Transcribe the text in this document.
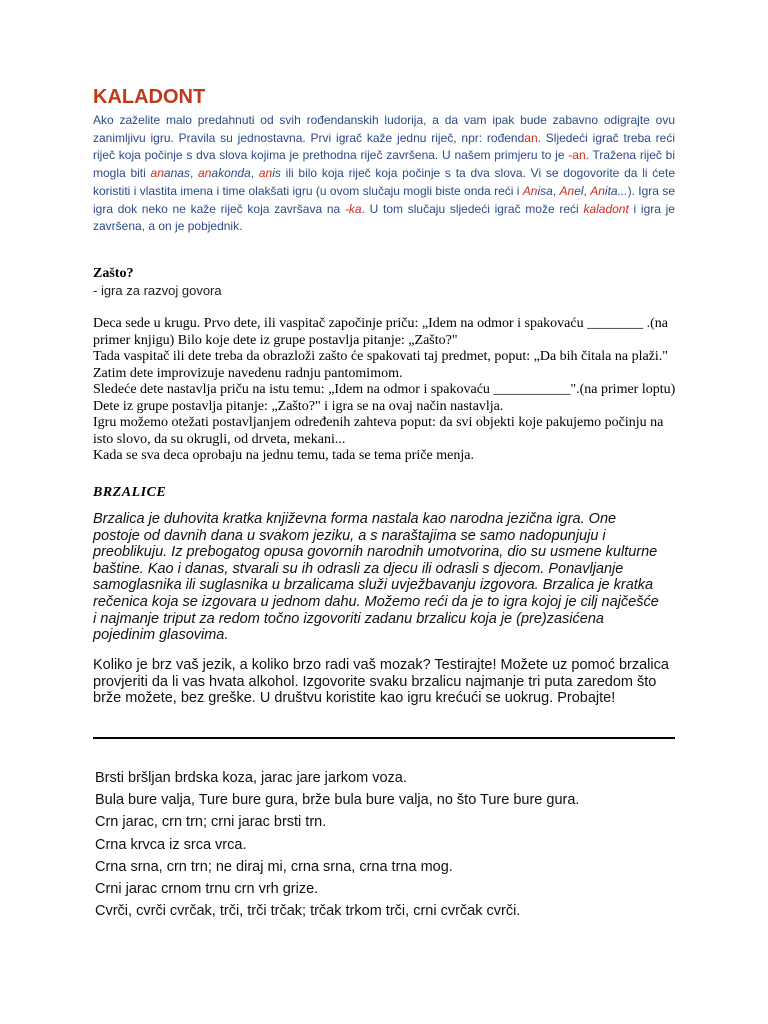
KALADONT

Ako zaželite malo predahnuti od svih rođendanskih ludorija, a da vam ipak bude zabavno odigrajte ovu zanimljivu igru. Pravila su jednostavna. Prvi igrač kaže jednu riječ, npr: rođendan. Sljedeći igrač treba reći riječ koja počinje s dva slova kojima je prethodna riječ završena. U našem primjeru to je -an. Tražena riječ bi mogla biti ananas, anakonda, anis ili bilo koja riječ koja počinje s ta dva slova. Vi se dogovorite da li ćete koristiti i vlastita imena i time olakšati igru (u ovom slučaju mogli biste onda reći i Anisa, Anel, Anita...). Igra se igra dok neko ne kaže riječ koja završava na -ka. U tom slučaju sljedeći igrač može reći kaladont i igra je završena, a on je pobjednik.

Zašto?
- igra za razvoj govora

Deca sede u krugu. Prvo dete, ili vaspitač započinje priču: „Idem na odmor i spakovaću ________ .(na primer knjigu) Bilo koje dete iz grupe postavlja pitanje: „Zašto?"

Tada vaspitač ili dete treba da obrazloži zašto će spakovati taj predmet, poput: „Da bih čitala na plaži." Zatim dete improvizuje navedenu radnju pantomimom.

Sledeće dete nastavlja priču na istu temu: „Idem na odmor i spakovaću ___________".(na primer loptu) Dete iz grupe postavlja pitanje: „Zašto?" i igra se na ovaj način nastavlja.

Igru možemo otežati postavljanjem određenih zahteva poput: da svi objekti koje pakujemo počinju na isto slovo, da su okrugli, od drveta, mekani...

Kada se sva deca oprobaju na jednu temu, tada se tema priče menja.

BRZALICE

Brzalica je duhovita kratka književna forma nastala kao narodna jezična igra. One postoje od davnih dana u svakom jeziku, a s naraštajima se samo nadopunjuju i preoblikuju. Iz prebogatog opusa govornih narodnih umotvorina, dio su usmene kulturne baštine. Kao i danas, stvarali su ih odrasli za djecu ili odrasli s djecom. Ponavljanje samoglasnika ili suglasnika u brzalicama služi uvježbavanju izgovora. Brzalica je kratka rečenica koja se izgovara u jednom dahu. Možemo reći da je to igra kojoj je cilj najčešće i najmanje triput za redom točno izgovoriti zadanu brzalicu koja je (pre)zasićena pojedinim glasovima.

Koliko je brz vaš jezik, a koliko brzo radi vaš mozak? Testirajte! Možete uz pomoć brzalica provjeriti da li vas hvata alkohol. Izgovorite svaku brzalicu najmanje tri puta zaredom što brže možete, bez greške. U društvu koristite kao igru krećući se uokrug. Probajte!

Brsti bršljan brdska koza, jarac jare jarkom voza.
Bula bure valja, Ture bure gura, brže bula bure valja, no što Ture bure gura.
Crn jarac, crn trn; crni jarac brsti trn.
Crna krvca iz srca vrca.
Crna srna, crn trn; ne diraj mi, crna srna, crna trna mog.
Crni jarac crnom trnu crn vrh grize.
Cvrči, cvrči cvrčak, trči, trči trčak; trčak trkom trči, crni cvrčak cvrči.
